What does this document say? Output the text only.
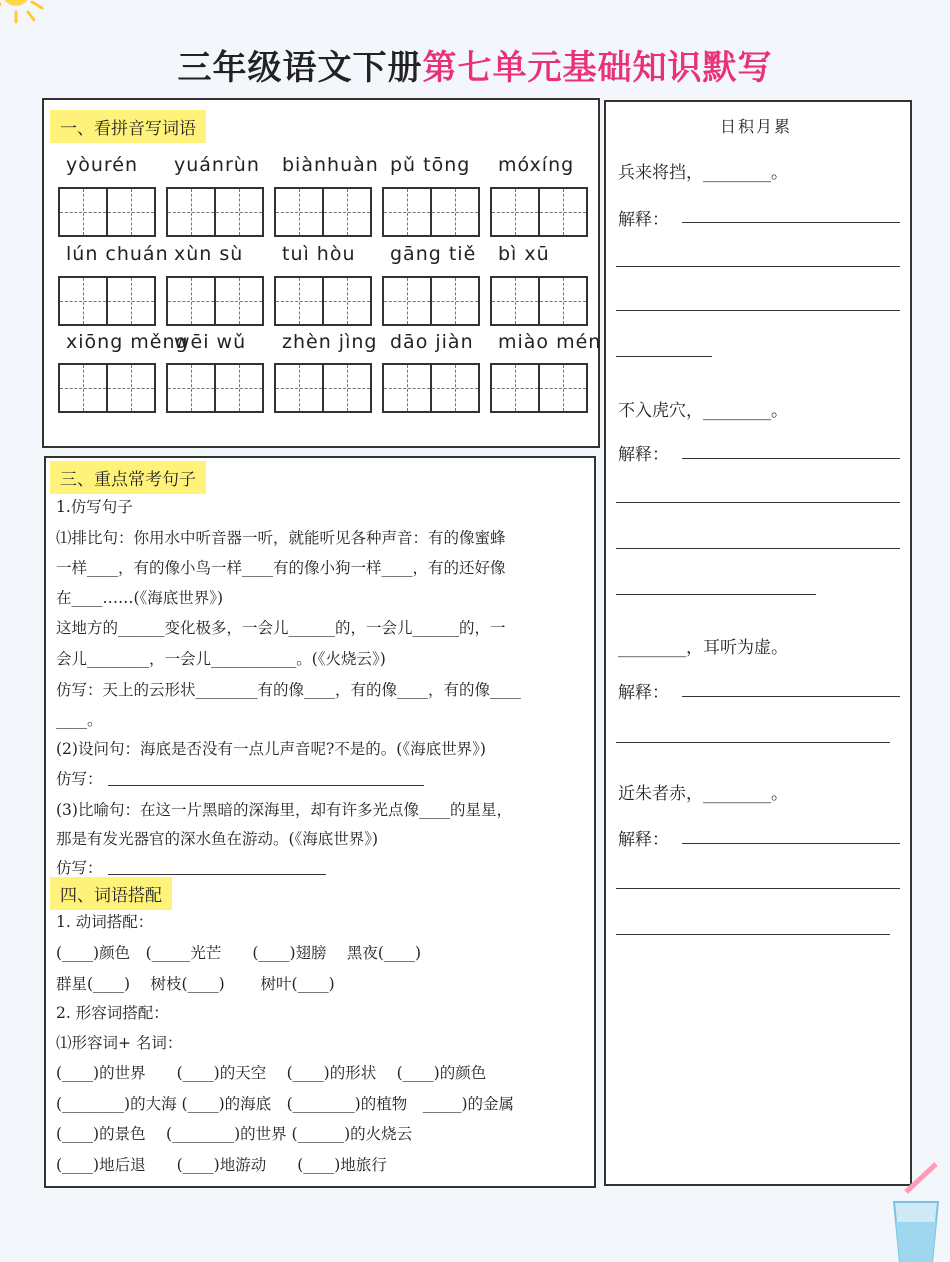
三年级语文下册第七单元基础知识默写
一、看拼音写词语
yòurén yuánrùn biànhuàn pǔ tōng móxíng
lún chuán xùn sù tuì hòu gāng tiě bì xū
xiōng měng
wēi wǔ zhèn jìng dāo jiàn miào mén
三、重点常考句子
1.仿写句子
⑴排比句：你用水中听音器一听，就能听见各种声音：有的像蜜蜂
一样____，有的像小鸟一样____有的像小狗一样____，有的还好像
在____……(《海底世界》)
这地方的______变化极多，一会儿______的，一会儿______的，一
会儿________，一会儿___________。(《火烧云》)
仿写：天上的云形状________有的像____，有的像____，有的像____
____。
(2)设问句：海底是否没有一点儿声音呢?不是的。(《海底世界》)
仿写：
(3)比喻句：在这一片黑暗的深海里，却有许多光点像____的星星，
那是有发光器官的深水鱼在游动。(《海底世界》)
仿写：
四、词语搭配
1. 动词搭配：
(____)颜色　(_____光芒　　(____)翅膀　 黑夜(____)
群星(____)　 树枝(____)　　 树叶(____)
2. 形容词搭配：
⑴形容词+ 名词：
(____)的世界　　(____)的天空　 (____)的形状　 (____)的颜色
(________)的大海 (____)的海底　(________)的植物　_____)的金属
(____)的景色　 (________)的世界 (______)的火烧云
(____)地后退　　(____)地游动　　(____)地旅行
日积月累
兵来将挡，________。
解释：
不入虎穴，________。
解释：
________，耳听为虚。
解释：
近朱者赤，________。
解释：
